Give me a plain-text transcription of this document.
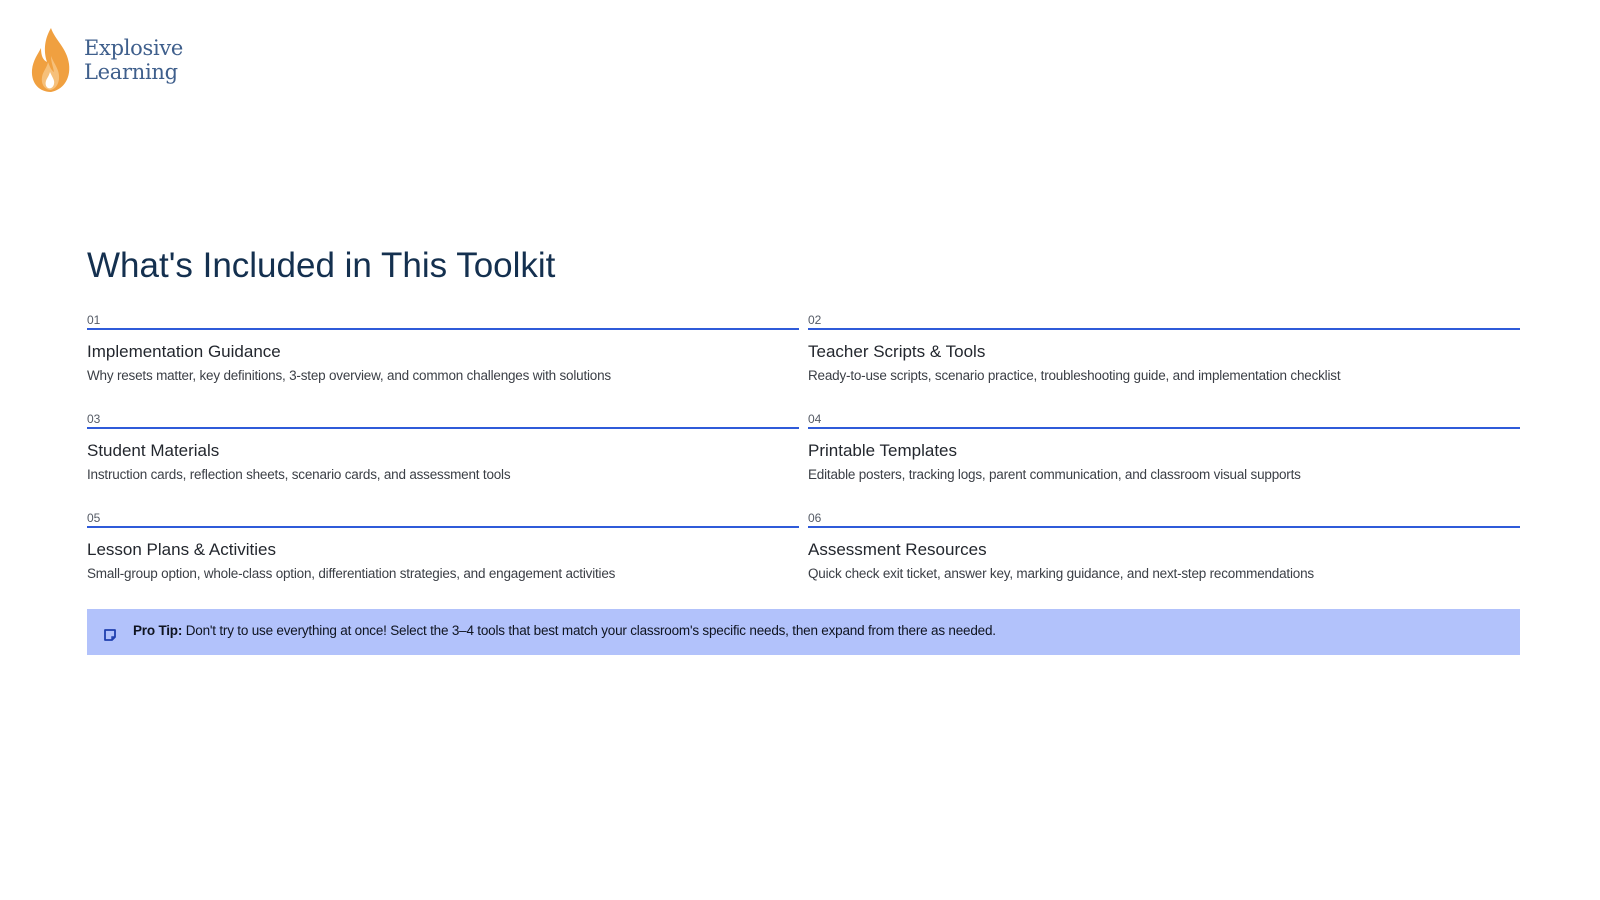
Explosive
Learning
What's Included in This Toolkit
01
Implementation Guidance
Why resets matter, key definitions, 3-step overview, and common challenges with solutions
02
Teacher Scripts & Tools
Ready-to-use scripts, scenario practice, troubleshooting guide, and implementation checklist
03
Student Materials
Instruction cards, reflection sheets, scenario cards, and assessment tools
04
Printable Templates
Editable posters, tracking logs, parent communication, and classroom visual supports
05
Lesson Plans & Activities
Small-group option, whole-class option, differentiation strategies, and engagement activities
06
Assessment Resources
Quick check exit ticket, answer key, marking guidance, and next-step recommendations
Pro Tip: Don't try to use everything at once! Select the 3–4 tools that best match your classroom's specific needs, then expand from there as needed.
